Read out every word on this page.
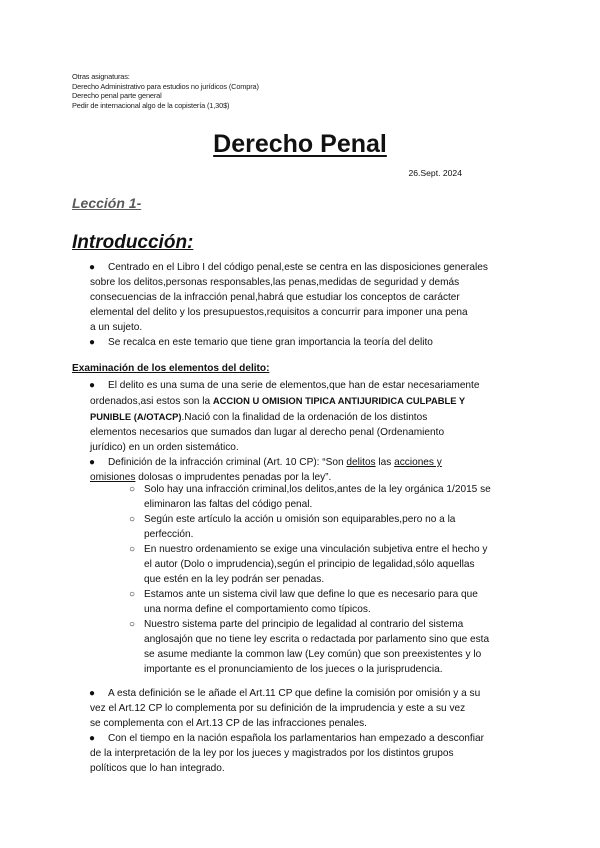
Otras asignaturas:
Derecho Administrativo para estudios no jurídicos (Compra)
Derecho penal parte general
Pedir de internacional algo de la copistería (1,30$)
Derecho Penal
26.Sept. 2024
Lección 1-
Introducción:
● Centrado en el Libro I del código penal,este se centra en las disposiciones generales
sobre los delitos,personas responsables,las penas,medidas de seguridad y demás
consecuencias de la infracción penal,habrá que estudiar los conceptos de carácter
elemental del delito y los presupuestos,requisitos a concurrir para imponer una pena
a un sujeto.
● Se recalca en este temario que tiene gran importancia la teoría del delito
Examinación de los elementos del delito:
● El delito es una suma de una serie de elementos,que han de estar necesariamente
ordenados,asi estos son la ACCION U OMISION TIPICA ANTIJURIDICA CULPABLE Y
PUNIBLE (A/OTACP).Nació con la finalidad de la ordenación de los distintos
elementos necesarios que sumados dan lugar al derecho penal (Ordenamiento
jurídico) en un orden sistemático.
● Definición de la infracción criminal (Art. 10 CP): “Son delitos las acciones y
omisiones dolosas o imprudentes penadas por la ley”.
○ Solo hay una infracción criminal,los delitos,antes de la ley orgánica 1/2015 se
eliminaron las faltas del código penal.
○ Según este artículo la acción u omisión son equiparables,pero no a la
perfección.
○ En nuestro ordenamiento se exige una vinculación subjetiva entre el hecho y
el autor (Dolo o imprudencia),según el principio de legalidad,sólo aquellas
que estén en la ley podrán ser penadas.
○ Estamos ante un sistema civil law que define lo que es necesario para que
una norma define el comportamiento como típicos.
○ Nuestro sistema parte del principio de legalidad al contrario del sistema
anglosajón que no tiene ley escrita o redactada por parlamento sino que esta
se asume mediante la common law (Ley común) que son preexistentes y lo
importante es el pronunciamiento de los jueces o la jurisprudencia.
● A esta definición se le añade el Art.11 CP que define la comisión por omisión y a su
vez el Art.12 CP lo complementa por su definición de la imprudencia y este a su vez
se complementa con el Art.13 CP de las infracciones penales.
● Con el tiempo en la nación española los parlamentarios han empezado a desconfiar
de la interpretación de la ley por los jueces y magistrados por los distintos grupos
políticos que lo han integrado.
